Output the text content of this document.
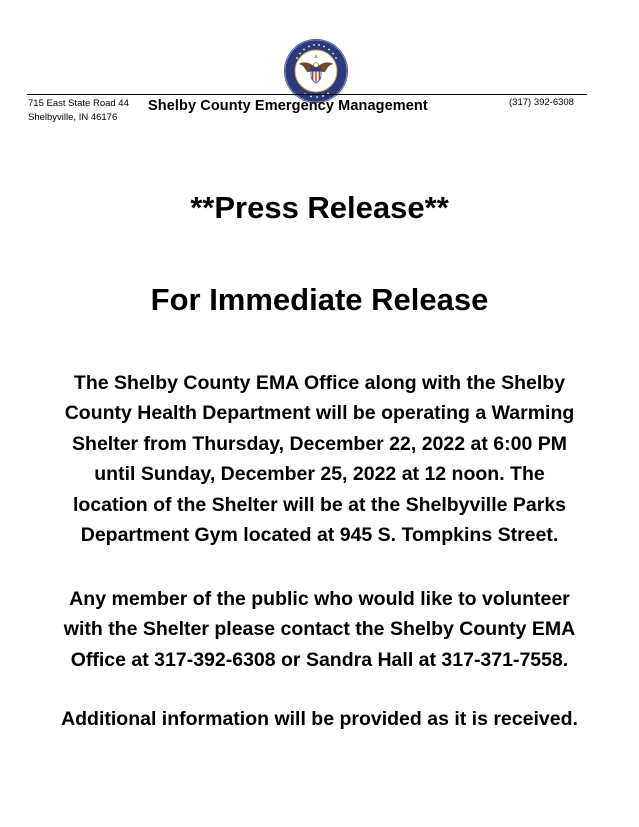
715 East State Road 44
Shelbyville, IN 46176
Shelby County Emergency Management	(317) 392-6308
**Press Release**
For Immediate Release
The Shelby County EMA Office along with the Shelby
County Health Department will be operating a Warming
Shelter from Thursday, December 22, 2022 at 6:00 PM
until Sunday, December 25, 2022 at 12 noon. The
location of the Shelter will be at the Shelbyville Parks
Department Gym located at 945 S. Tompkins Street.
Any member of the public who would like to volunteer
with the Shelter please contact the Shelby County EMA
Office at 317-392-6308 or Sandra Hall at 317-371-7558.
Additional information will be provided as it is received.
